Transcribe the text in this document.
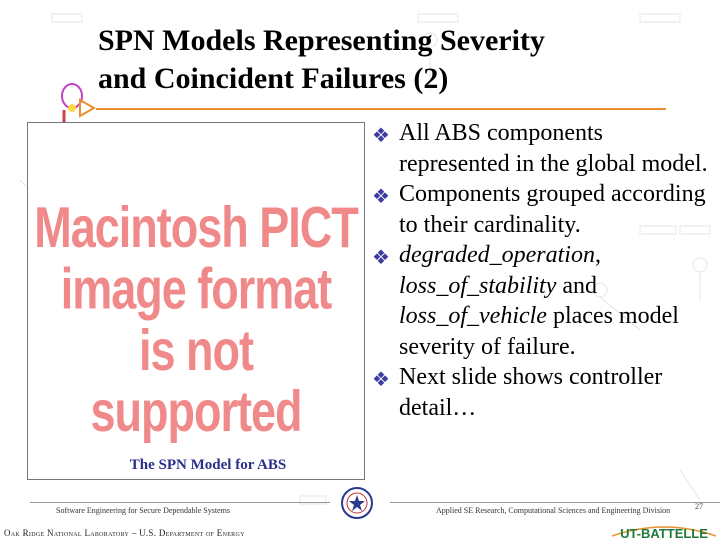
SPN Models Representing Severity
and Coincident Failures (2)
Macintosh PICT
image format
is not supported
The SPN Model for ABS
❖ All ABS components represented in the global model.
❖ Components grouped according to their cardinality.
❖ degraded_operation, loss_of_stability and loss_of_vehicle places model severity of failure.
❖ Next slide shows controller detail…
Software Engineering for Secure Dependable Systems	Applied SE Research, Computational Sciences and Engineering Division	27
Oak Ridge National Laboratory – U.S. Department of Energy	UT-BATTELLE
